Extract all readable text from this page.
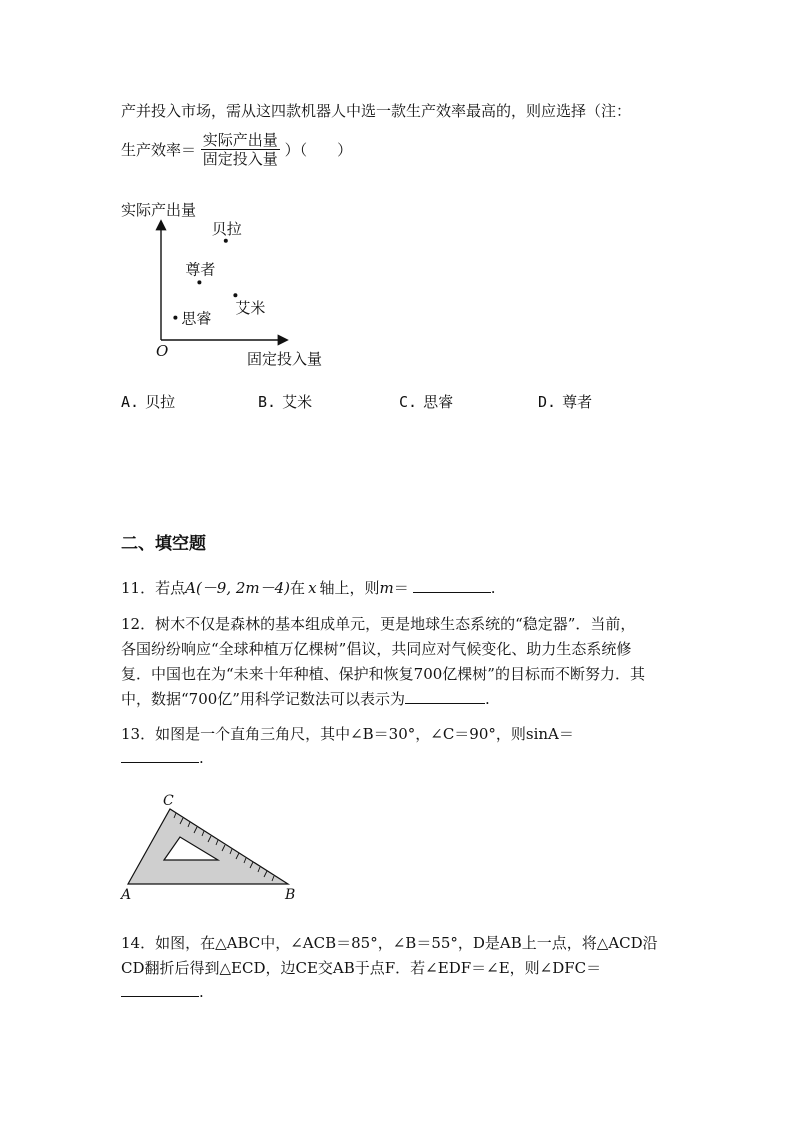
产并投入市场，需从这四款机器人中选一款生产效率最高的，则应选择（注：
生产效率＝ $\frac{\text{实际产出量}}{\text{固定投入量}}$ ）（　　）
实际产出量
固定投入量
O
贝拉
尊者
艾米
思睿
A. 贝拉	B. 艾米	C. 思睿	D. 尊者
二、填空题
11．若点A(－9, 2m－4)在 x 轴上，则m＝	.
12．树木不仅是森林的基本组成单元，更是地球生态系统的“稳定器”．当前，
各国纷纷响应“全球种植万亿棵树”倡议，共同应对气候变化、助力生态系统修
复．中国也在为“未来十年种植、保护和恢复700亿棵树”的目标而不断努力．其
中，数据“700亿”用科学记数法可以表示为	.
13．如图是一个直角三角尺，其中∠B＝30°，∠C＝90°，则sinA＝
.
C
A	B
14．如图，在△ABC中，∠ACB＝85°，∠B＝55°，D是AB上一点，将△ACD沿
CD翻折后得到△ECD，边CE交AB于点F．若∠EDF＝∠E，则∠DFC＝
.
